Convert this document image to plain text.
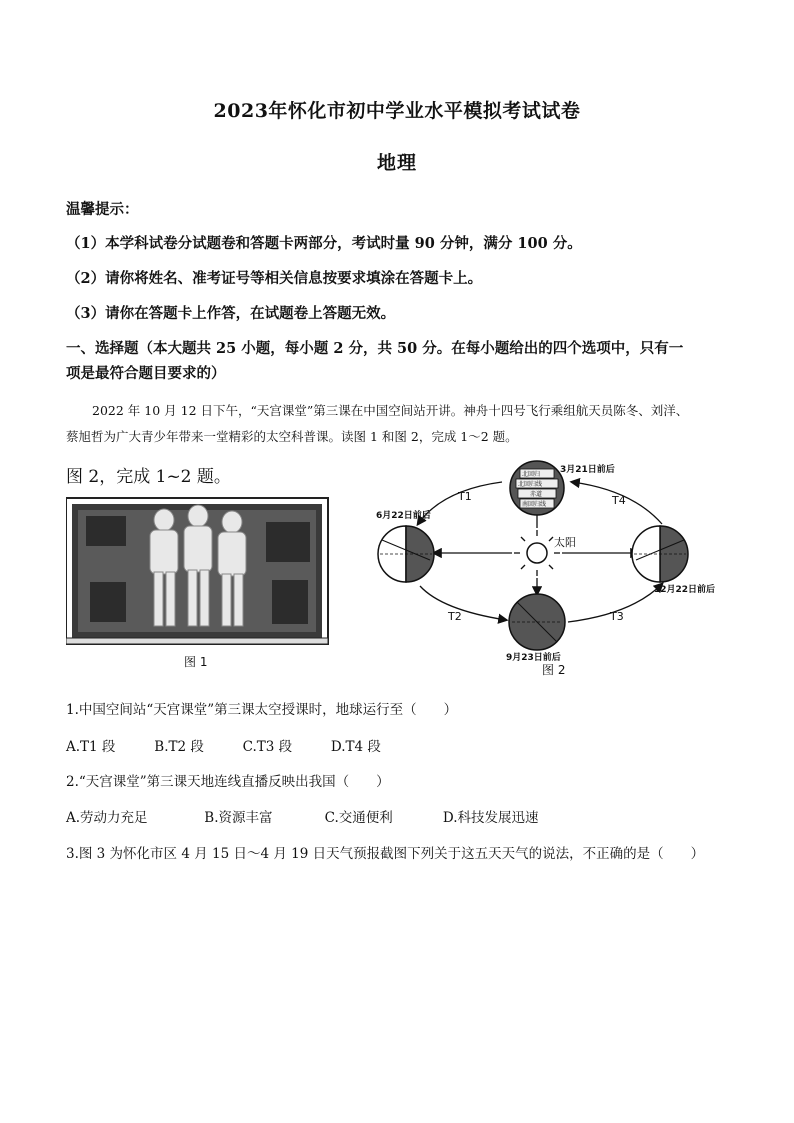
2023年怀化市初中学业水平模拟考试试卷
地理
温馨提示：
（1）本学科试卷分试题卷和答题卡两部分，考试时量 90 分钟，满分 100 分。
（2）请你将姓名、准考证号等相关信息按要求填涂在答题卡上。
（3）请你在答题卡上作答，在试题卷上答题无效。
一、选择题（本大题共 25 小题，每小题 2 分，共 50 分。在每小题给出的四个选项中，只有一
项是最符合题目要求的）
2022 年 10 月 12 日下午，“天宫课堂”第三课在中国空间站开讲。神舟十四号飞行乘组航天员陈冬、刘洋、
蔡旭哲为广大青少年带来一堂精彩的太空科普课。读图 1 和图 2，完成 1～2 题。
图 2，完成 1~2 题。
图 1
太阳
北回归
北回归线
赤道
南回归线
3月21日前后
6月22日前后
9月23日前后
12月22日前后
T1
T2	T3
T4
图 2
1.中国空间站“天宫课堂”第三课太空授课时，地球运行至（　　）
A.T1 段	B.T2 段	C.T3 段	D.T4 段
2.“天宫课堂”第三课天地连线直播反映出我国（　　）
A.劳动力充足	B.资源丰富	C.交通便利	D.科技发展迅速
3.图 3 为怀化市区 4 月 15 日～4 月 19 日天气预报截图下列关于这五天天气的说法，不正确的是（　　）
